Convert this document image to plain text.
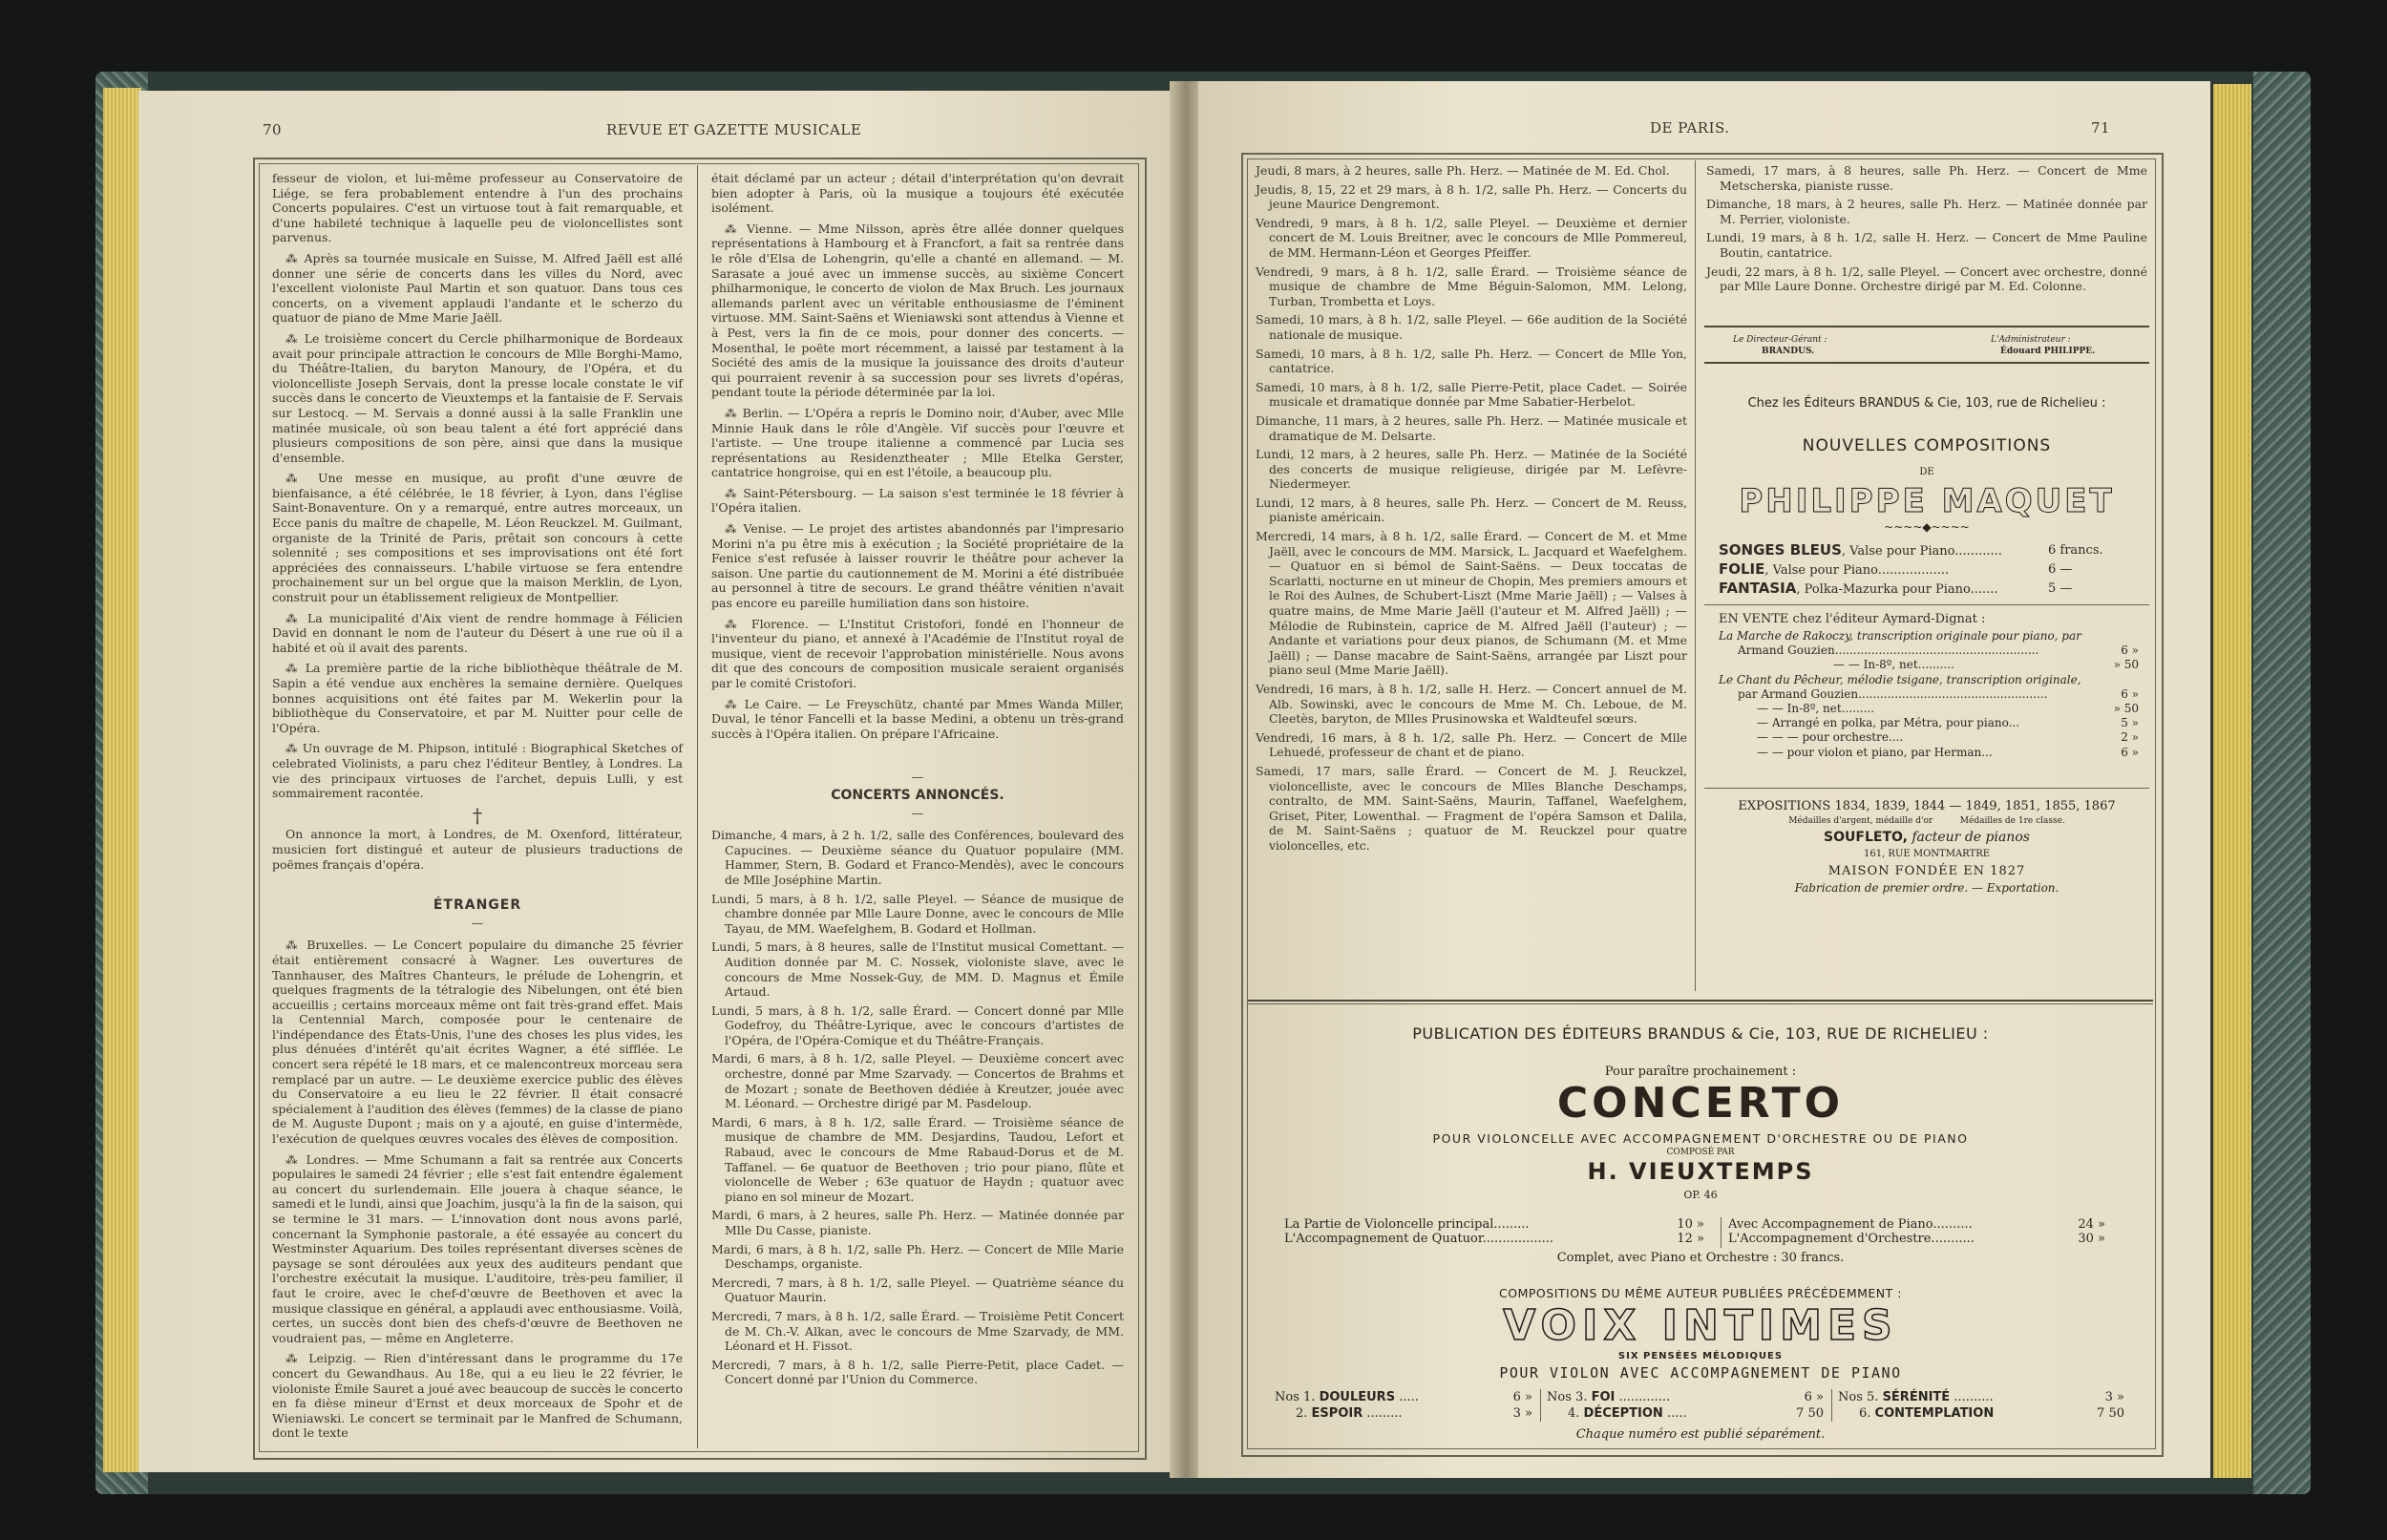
70	REVUE ET GAZETTE MUSICALE

fesseur de violon, et lui-même professeur au Conservatoire de Liége, se fera probablement entendre à l'un des prochains Concerts populaires. C'est un virtuose tout à fait remarquable, et d'une habileté technique à laquelle peu de violoncellistes sont parvenus.

⁂ Après sa tournée musicale en Suisse, M. Alfred Jaëll est allé donner une série de concerts dans les villes du Nord, avec l'excellent violoniste Paul Martin et son quatuor. Dans tous ces concerts, on a vivement applaudi l'andante et le scherzo du quatuor de piano de Mme Marie Jaëll.

⁂ Le troisième concert du Cercle philharmonique de Bordeaux avait pour principale attraction le concours de Mlle Borghi-Mamo, du Théâtre-Italien, du baryton Manoury, de l'Opéra, et du violoncelliste Joseph Servais, dont la presse locale constate le vif succès dans le concerto de Vieuxtemps et la fantaisie de F. Servais sur Lestocq. — M. Servais a donné aussi à la salle Franklin une matinée musicale, où son beau talent a été fort apprécié dans plusieurs compositions de son père, ainsi que dans la musique d'ensemble.

⁂ Une messe en musique, au profit d'une œuvre de bienfaisance, a été célébrée, le 18 février, à Lyon, dans l'église Saint-Bonaventure. On y a remarqué, entre autres morceaux, un Ecce panis du maître de chapelle, M. Léon Reuckzel. M. Guilmant, organiste de la Trinité de Paris, prêtait son concours à cette solennité ; ses compositions et ses improvisations ont été fort appréciées des connaisseurs. L'habile virtuose se fera entendre prochainement sur un bel orgue que la maison Merklin, de Lyon, construit pour un établissement religieux de Montpellier.

⁂ La municipalité d'Aix vient de rendre hommage à Félicien David en donnant le nom de l'auteur du Désert à une rue où il a habité et où il avait des parents.

⁂ La première partie de la riche bibliothèque théâtrale de M. Sapin a été vendue aux enchères la semaine dernière. Quelques bonnes acquisitions ont été faites par M. Wekerlin pour la bibliothèque du Conservatoire, et par M. Nuitter pour celle de l'Opéra.

⁂ Un ouvrage de M. Phipson, intitulé : Biographical Sketches of celebrated Violinists, a paru chez l'éditeur Bentley, à Londres. La vie des principaux virtuoses de l'archet, depuis Lulli, y est sommairement racontée.

†

On annonce la mort, à Londres, de M. Oxenford, littérateur, musicien fort distingué et auteur de plusieurs traductions de poëmes français d'opéra.

ÉTRANGER
—

⁂ Bruxelles. — Le Concert populaire du dimanche 25 février était entièrement consacré à Wagner. Les ouvertures de Tannhauser, des Maîtres Chanteurs, le prélude de Lohengrin, et quelques fragments de la tétralogie des Nibelungen, ont été bien accueillis ; certains morceaux même ont fait très-grand effet. Mais la Centennial March, composée pour le centenaire de l'indépendance des États-Unis, l'une des choses les plus vides, les plus dénuées d'intérêt qu'ait écrites Wagner, a été sifflée. Le concert sera répété le 18 mars, et ce malencontreux morceau sera remplacé par un autre. — Le deuxième exercice public des élèves du Conservatoire a eu lieu le 22 février. Il était consacré spécialement à l'audition des élèves (femmes) de la classe de piano de M. Auguste Dupont ; mais on y a ajouté, en guise d'intermède, l'exécution de quelques œuvres vocales des élèves de composition.

⁂ Londres. — Mme Schumann a fait sa rentrée aux Concerts populaires le samedi 24 février ; elle s'est fait entendre également au concert du surlendemain. Elle jouera à chaque séance, le samedi et le lundi, ainsi que Joachim, jusqu'à la fin de la saison, qui se termine le 31 mars. — L'innovation dont nous avons parlé, concernant la Symphonie pastorale, a été essayée au concert du Westminster Aquarium. Des toiles représentant diverses scènes de paysage se sont déroulées aux yeux des auditeurs pendant que l'orchestre exécutait la musique. L'auditoire, très-peu familier, il faut le croire, avec le chef-d'œuvre de Beethoven et avec la musique classique en général, a applaudi avec enthousiasme. Voilà, certes, un succès dont bien des chefs-d'œuvre de Beethoven ne voudraient pas, — même en Angleterre.

⁂ Leipzig. — Rien d'intéressant dans le programme du 17e concert du Gewandhaus. Au 18e, qui a eu lieu le 22 février, le violoniste Émile Sauret a joué avec beaucoup de succès le concerto en fa dièse mineur d'Ernst et deux morceaux de Spohr et de Wieniawski. Le concert se terminait par le Manfred de Schumann, dont le texte

était déclamé par un acteur ; détail d'interprétation qu'on devrait bien adopter à Paris, où la musique a toujours été exécutée isolément.

⁂ Vienne. — Mme Nilsson, après être allée donner quelques représentations à Hambourg et à Francfort, a fait sa rentrée dans le rôle d'Elsa de Lohengrin, qu'elle a chanté en allemand. — M. Sarasate a joué avec un immense succès, au sixième Concert philharmonique, le concerto de violon de Max Bruch. Les journaux allemands parlent avec un véritable enthousiasme de l'éminent virtuose. MM. Saint-Saëns et Wieniawski sont attendus à Vienne et à Pest, vers la fin de ce mois, pour donner des concerts. — Mosenthal, le poëte mort récemment, a laissé par testament à la Société des amis de la musique la jouissance des droits d'auteur qui pourraient revenir à sa succession pour ses livrets d'opéras, pendant toute la période déterminée par la loi.

⁂ Berlin. — L'Opéra a repris le Domino noir, d'Auber, avec Mlle Minnie Hauk dans le rôle d'Angèle. Vif succès pour l'œuvre et l'artiste. — Une troupe italienne a commencé par Lucia ses représentations au Residenztheater ; Mlle Etelka Gerster, cantatrice hongroise, qui en est l'étoile, a beaucoup plu.

⁂ Saint-Pétersbourg. — La saison s'est terminée le 18 février à l'Opéra italien.

⁂ Venise. — Le projet des artistes abandonnés par l'impresario Morini n'a pu être mis à exécution ; la Société propriétaire de la Fenice s'est refusée à laisser rouvrir le théâtre pour achever la saison. Une partie du cautionnement de M. Morini a été distribuée au personnel à titre de secours. Le grand théâtre vénitien n'avait pas encore eu pareille humiliation dans son histoire.

⁂ Florence. — L'Institut Cristofori, fondé en l'honneur de l'inventeur du piano, et annexé à l'Académie de l'Institut royal de musique, vient de recevoir l'approbation ministérielle. Nous avons dit que des concours de composition musicale seraient organisés par le comité Cristofori.

⁂ Le Caire. — Le Freyschütz, chanté par Mmes Wanda Miller, Duval, le ténor Fancelli et la basse Medini, a obtenu un très-grand succès à l'Opéra italien. On prépare l'Africaine.

—
CONCERTS ANNONCÉS.
—
Dimanche, 4 mars, à 2 h. 1/2, salle des Conférences, boulevard des Capucines. — Deuxième séance du Quatuor populaire (MM. Hammer, Stern, B. Godard et Franco-Mendès), avec le concours de Mlle Joséphine Martin.
Lundi, 5 mars, à 8 h. 1/2, salle Pleyel. — Séance de musique de chambre donnée par Mlle Laure Donne, avec le concours de Mlle Tayau, de MM. Waefelghem, B. Godard et Hollman.
Lundi, 5 mars, à 8 heures, salle de l'Institut musical Comettant. — Audition donnée par M. C. Nossek, violoniste slave, avec le concours de Mme Nossek-Guy, de MM. D. Magnus et Émile Artaud.
Lundi, 5 mars, à 8 h. 1/2, salle Érard. — Concert donné par Mlle Godefroy, du Théâtre-Lyrique, avec le concours d'artistes de l'Opéra, de l'Opéra-Comique et du Théâtre-Français.
Mardi, 6 mars, à 8 h. 1/2, salle Pleyel. — Deuxième concert avec orchestre, donné par Mme Szarvady. — Concertos de Brahms et de Mozart ; sonate de Beethoven dédiée à Kreutzer, jouée avec M. Léonard. — Orchestre dirigé par M. Pasdeloup.
Mardi, 6 mars, à 8 h. 1/2, salle Érard. — Troisième séance de musique de chambre de MM. Desjardins, Taudou, Lefort et Rabaud, avec le concours de Mme Rabaud-Dorus et de M. Taffanel. — 6e quatuor de Beethoven ; trio pour piano, flûte et violoncelle de Weber ; 63e quatuor de Haydn ; quatuor avec piano en sol mineur de Mozart.
Mardi, 6 mars, à 2 heures, salle Ph. Herz. — Matinée donnée par Mlle Du Casse, pianiste.
Mardi, 6 mars, à 8 h. 1/2, salle Ph. Herz. — Concert de Mlle Marie Deschamps, organiste.
Mercredi, 7 mars, à 8 h. 1/2, salle Pleyel. — Quatrième séance du Quatuor Maurin.
Mercredi, 7 mars, à 8 h. 1/2, salle Érard. — Troisième Petit Concert de M. Ch.-V. Alkan, avec le concours de Mme Szarvady, de MM. Léonard et H. Fissot.
Mercredi, 7 mars, à 8 h. 1/2, salle Pierre-Petit, place Cadet. — Concert donné par l'Union du Commerce.
DE PARIS.	71
Jeudi, 8 mars, à 2 heures, salle Ph. Herz. — Matinée de M. Ed. Chol.
Jeudis, 8, 15, 22 et 29 mars, à 8 h. 1/2, salle Ph. Herz. — Concerts du jeune Maurice Dengremont.
Vendredi, 9 mars, à 8 h. 1/2, salle Pleyel. — Deuxième et dernier concert de M. Louis Breitner, avec le concours de Mlle Pommereul, de MM. Hermann-Léon et Georges Pfeiffer.
Vendredi, 9 mars, à 8 h. 1/2, salle Érard. — Troisième séance de musique de chambre de Mme Béguin-Salomon, MM. Lelong, Turban, Trombetta et Loys.
Samedi, 10 mars, à 8 h. 1/2, salle Pleyel. — 66e audition de la Société nationale de musique.
Samedi, 10 mars, à 8 h. 1/2, salle Ph. Herz. — Concert de Mlle Yon, cantatrice.
Samedi, 10 mars, à 8 h. 1/2, salle Pierre-Petit, place Cadet. — Soirée musicale et dramatique donnée par Mme Sabatier-Herbelot.
Dimanche, 11 mars, à 2 heures, salle Ph. Herz. — Matinée musicale et dramatique de M. Delsarte.
Lundi, 12 mars, à 2 heures, salle Ph. Herz. — Matinée de la Société des concerts de musique religieuse, dirigée par M. Lefèvre-Niedermeyer.
Lundi, 12 mars, à 8 heures, salle Ph. Herz. — Concert de M. Reuss, pianiste américain.
Mercredi, 14 mars, à 8 h. 1/2, salle Érard. — Concert de M. et Mme Jaëll, avec le concours de MM. Marsick, L. Jacquard et Waefelghem. — Quatuor en si bémol de Saint-Saëns. — Deux toccatas de Scarlatti, nocturne en ut mineur de Chopin, Mes premiers amours et le Roi des Aulnes, de Schubert-Liszt (Mme Marie Jaëll) ; — Valses à quatre mains, de Mme Marie Jaëll (l'auteur et M. Alfred Jaëll) ; — Mélodie de Rubinstein, caprice de M. Alfred Jaëll (l'auteur) ; — Andante et variations pour deux pianos, de Schumann (M. et Mme Jaëll) ; — Danse macabre de Saint-Saëns, arrangée par Liszt pour piano seul (Mme Marie Jaëll).
Vendredi, 16 mars, à 8 h. 1/2, salle H. Herz. — Concert annuel de M. Alb. Sowinski, avec le concours de Mme M. Ch. Leboue, de M. Cleetès, baryton, de Mlles Prusinowska et Waldteufel sœurs.
Vendredi, 16 mars, à 8 h. 1/2, salle Ph. Herz. — Concert de Mlle Lehuedé, professeur de chant et de piano.
Samedi, 17 mars, salle Érard. — Concert de M. J. Reuckzel, violoncelliste, avec le concours de Mlles Blanche Deschamps, contralto, de MM. Saint-Saëns, Maurin, Taffanel, Waefelghem, Griset, Piter, Lowenthal. — Fragment de l'opéra Samson et Dalila, de M. Saint-Saëns ; quatuor de M. Reuckzel pour quatre violoncelles, etc.
Samedi, 17 mars, à 8 heures, salle Ph. Herz. — Concert de Mme Metscherska, pianiste russe.
Dimanche, 18 mars, à 2 heures, salle Ph. Herz. — Matinée donnée par M. Perrier, violoniste.
Lundi, 19 mars, à 8 h. 1/2, salle H. Herz. — Concert de Mme Pauline Boutin, cantatrice.
Jeudi, 22 mars, à 8 h. 1/2, salle Pleyel. — Concert avec orchestre, donné par Mlle Laure Donne. Orchestre dirigé par M. Ed. Colonne.
Le Directeur-Gérant :
BRANDUS.
L'Administrateur :
Édouard PHILIPPE.
Chez les Éditeurs BRANDUS & Cie, 103, rue de Richelieu :
NOUVELLES COMPOSITIONS
DE
PHILIPPE MAQUET
~~~~◆~~~~
SONGES BLEUS, Valse pour Piano............	6 francs.
FOLIE, Valse pour Piano..................	6 —
FANTASIA, Polka-Mazurka pour Piano.......	5 —
EN VENTE chez l'éditeur Aymard-Dignat :
La Marche de Rakoczy, transcription originale pour piano, par
Armand Gouzien........................................................	6 »
— — In-8º, net..........	» 50
Le Chant du Pêcheur, mélodie tsigane, transcription originale,
par Armand Gouzien....................................................	6 »
— — In-8º, net.........	» 50
— Arrangé en polka, par Métra, pour piano...	5 »
— — — pour orchestre....	2 »
— — pour violon et piano, par Herman...	6 »
EXPOSITIONS 1834, 1839, 1844 — 1849, 1851, 1855, 1867
Médailles d'argent, médaille d'or          Médailles de 1re classe.
SOUFLETO, facteur de pianos
161, RUE MONTMARTRE
MAISON FONDÉE EN 1827
Fabrication de premier ordre. — Exportation.
PUBLICATION DES ÉDITEURS BRANDUS & Cie, 103, RUE DE RICHELIEU :
Pour paraître prochainement :
CONCERTO
POUR VIOLONCELLE AVEC ACCOMPAGNEMENT D'ORCHESTRE OU DE PIANO
COMPOSÉ PAR
H. VIEUXTEMPS
OP. 46
La Partie de Violoncelle principal.........	10 »
L'Accompagnement de Quatuor..................	12 »
Avec Accompagnement de Piano..........	24 »
L'Accompagnement d'Orchestre...........	30 »
Complet, avec Piano et Orchestre : 30 francs.
COMPOSITIONS DU MÊME AUTEUR PUBLIÉES PRÉCÉDEMMENT :
VOIX INTIMES
SIX PENSÉES MÉLODIQUES
POUR VIOLON AVEC ACCOMPAGNEMENT DE PIANO
Nos 1. DOULEURS .....	6 »
2. ESPOIR .........	3 »
Nos 3. FOI .............	6 »
4. DÉCEPTION .....	7 50
Nos 5. SÉRÉNITÉ ..........	3 »
6. CONTEMPLATION	7 50
Chaque numéro est publié séparément.
